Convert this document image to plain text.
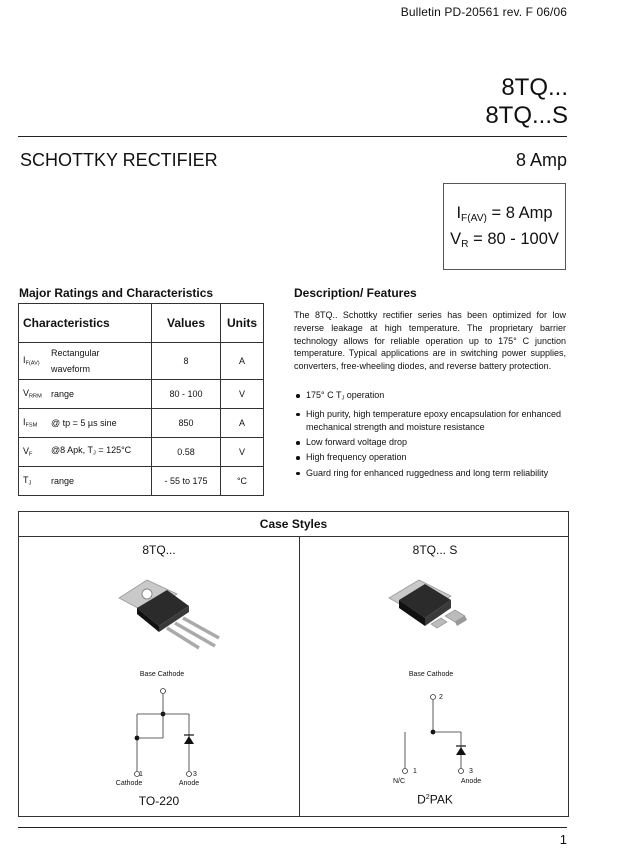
Bulletin PD-20561 rev. F 06/06
8TQ...
8TQ...S
SCHOTTKY RECTIFIER	8 Amp
$I_{F(AV)} = 8$ Amp
$V_R = 80 - 100V$
Major Ratings and Characteristics
Characteristics	Values	Units
$I_{F(AV)}Rectangular$ waveform	8	A
$V_{RRM}$ range	80 - 100	V
$I_{FSM}$ @ tp = 5 µs sine	850	A
$V_F$ @8 Apk, $T_J = 125^\circ C$	0.58	V
$T_J$ range	- 55 to 175	°C
Description/ Features
The 8TQ.. Schottky rectifier series has been optimized for low reverse leakage at high temperature. The proprietary barrier technology allows for reliable operation up to 175° C junction temperature. Typical applications are in switching power supplies, converters, free-wheeling diodes, and reverse battery protection.
175° C $T_J$ operation
High purity, high temperature epoxy encapsulation for enhanced mechanical strength and moisture resistance
Low forward voltage drop
High frequency operation
Guard ring for enhanced ruggedness and long term reliability
Case Styles
8TQ...
Base Cathode
1	3
Cathode	Anode
TO-220
8TQ... S
Base Cathode
2
1	3
N/C	Anode
$D^2PAK$
1
